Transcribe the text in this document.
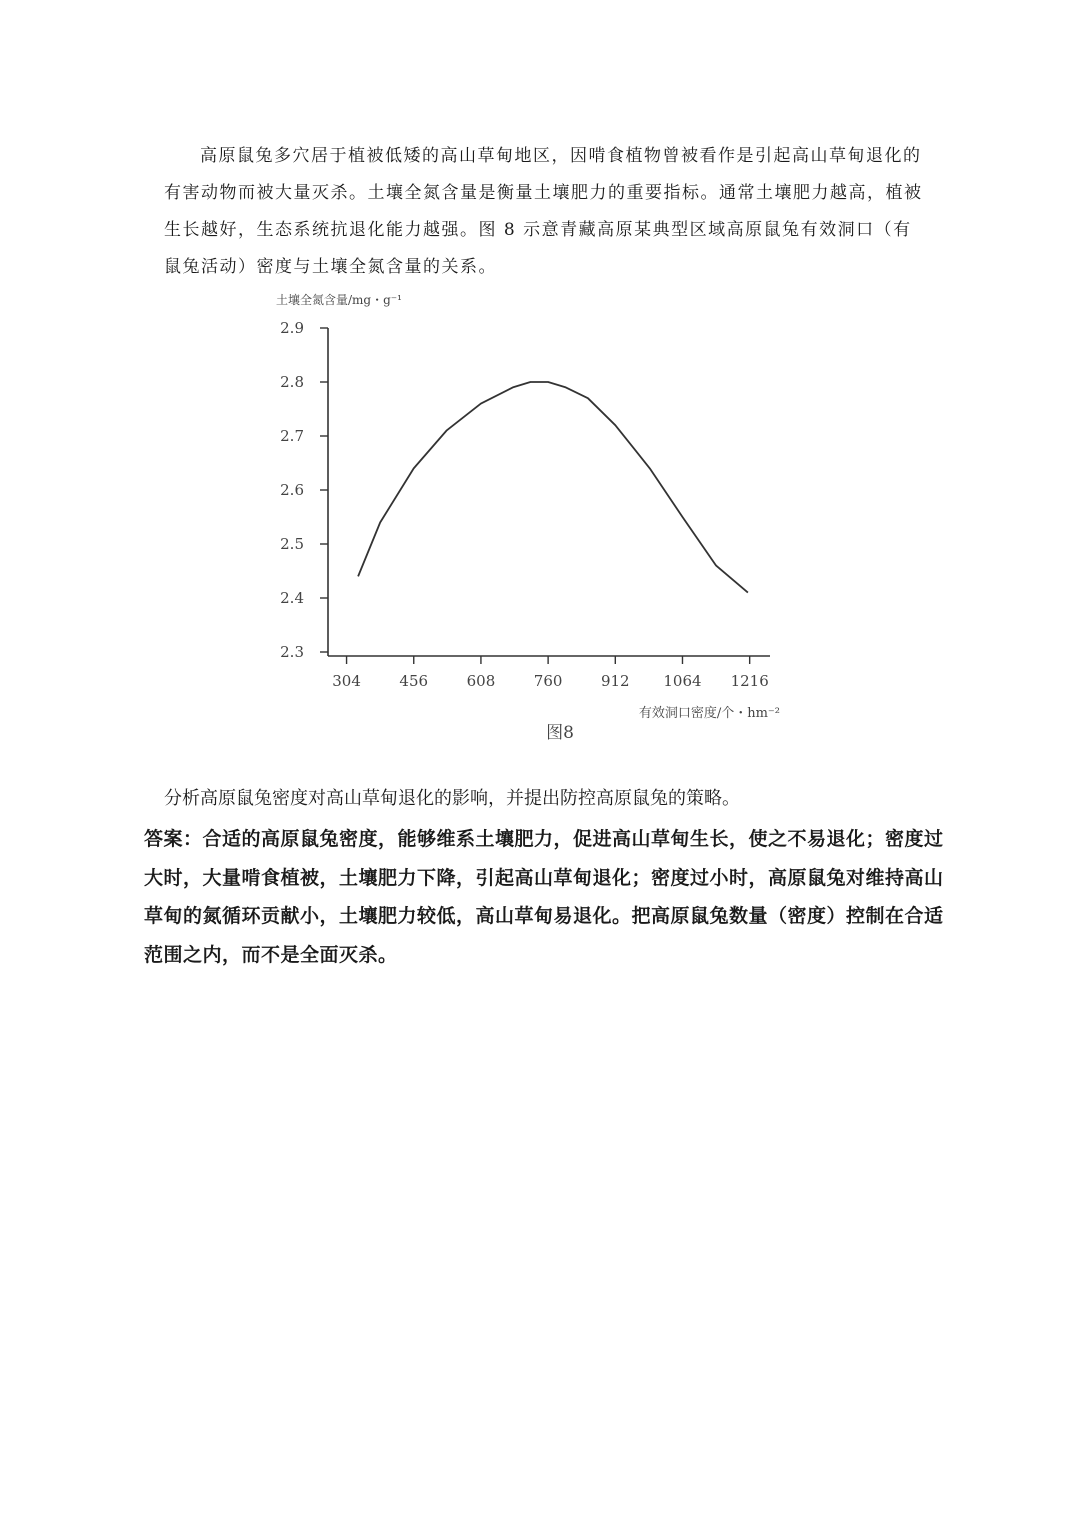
高原鼠兔多穴居于植被低矮的高山草甸地区，因啃食植物曾被看作是引起高山草甸退化的有害动物而被大量灭杀。土壤全氮含量是衡量土壤肥力的重要指标。通常土壤肥力越高，植被　生长越好，生态系统抗退化能力越强。图 8 示意青藏高原某典型区域高原鼠兔有效洞口（有鼠兔活动）密度与土壤全氮含量的关系。

2.3
2.4
2.5
2.6
2.7
2.8
2.9
304	456	608	760	912 1064 1216
土壤全氮含量/mg・g⁻¹
有效洞口密度/个・hm⁻²
图8

分析高原鼠兔密度对高山草甸退化的影响，并提出防控高原鼠兔的策略。

答案：合适的高原鼠兔密度，能够维系土壤肥力，促进高山草甸生长，使之不易退化；密度过大时，大量啃食植被，土壤肥力下降，引起高山草甸退化；密度过小时，高原鼠兔对维持高山草甸的氮循环贡献小，土壤肥力较低，高山草甸易退化。把高原鼠兔数量（密度）控制在合适范围之内，而不是全面灭杀。
